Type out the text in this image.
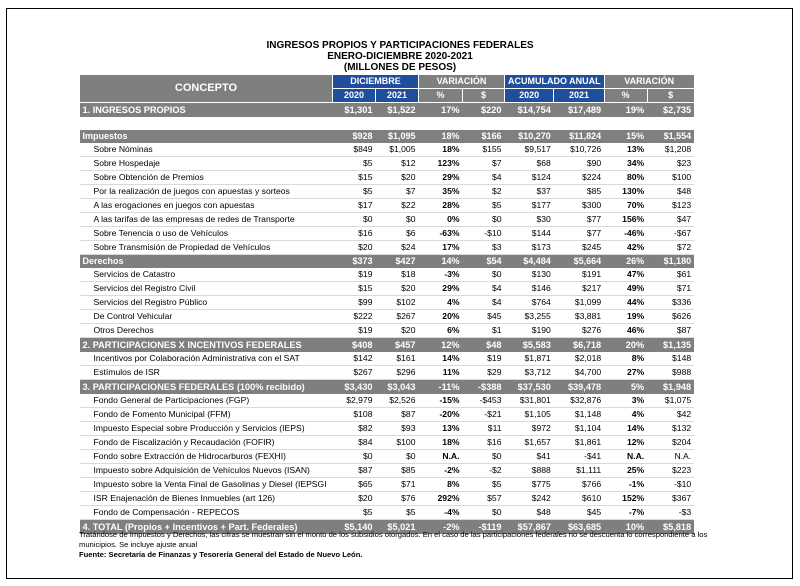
INGRESOS PROPIOS Y PARTICIPACIONES FEDERALES
ENERO-DICIEMBRE 2020-2021
(MILLONES DE PESOS)
CONCEPTO	DICIEMBRE		VARIACIÓN		ACUMULADO ANUAL		VARIACIÓN	
	2020	2021	%	$	2020	2021	%	$
1. INGRESOS PROPIOS	$1,301	$1,522	17%	$220	$14,754	$17,489	19%	$2,735

Impuestos	$928	$1,095	18%	$166	$10,270	$11,824	15%	$1,554
Sobre Nóminas	$849	$1,005	18%	$155	$9,517	$10,726	13%	$1,208
Sobre Hospedaje	$5	$12	123%	$7	$68	$90	34%	$23
Sobre Obtención de Premios	$15	$20	29%	$4	$124	$224	80%	$100
Por la realización de juegos con apuestas y sorteos	$5	$7	35%	$2	$37	$85	130%	$48
A las erogaciones en juegos con apuestas	$17	$22	28%	$5	$177	$300	70%	$123
A las tarifas de las empresas de redes de Transporte	$0	$0	0%	$0	$30	$77	156%	$47
Sobre Tenencia o uso de Vehículos	$16	$6	-63%	-$10	$144	$77	-46%	-$67
Sobre Transmisión de Propiedad de Vehículos	$20	$24	17%	$3	$173	$245	42%	$72
Derechos	$373	$427	14%	$54	$4,484	$5,664	26%	$1,180
Servicios de Catastro	$19	$18	-3%	$0	$130	$191	47%	$61
Servicios del Registro Civil	$15	$20	29%	$4	$146	$217	49%	$71
Servicios del Registro Público	$99	$102	4%	$4	$764	$1,099	44%	$336
De Control Vehicular	$222	$267	20%	$45	$3,255	$3,881	19%	$626
Otros Derechos	$19	$20	6%	$1	$190	$276	46%	$87
2. PARTICIPACIONES X INCENTIVOS FEDERALES	$408	$457	12%	$48	$5,583	$6,718	20%	$1,135
Incentivos por Colaboración Administrativa con el SAT	$142	$161	14%	$19	$1,871	$2,018	8%	$148
Estímulos de ISR	$267	$296	11%	$29	$3,712	$4,700	27%	$988
3. PARTICIPACIONES FEDERALES (100% recibido)	$3,430	$3,043	-11%	-$388	$37,530	$39,478	5%	$1,948
Fondo General de Participaciones (FGP)	$2,979	$2,526	-15%	-$453	$31,801	$32,876	3%	$1,075
Fondo de Fomento Municipal (FFM)	$108	$87	-20%	-$21	$1,105	$1,148	4%	$42
Impuesto Especial sobre Producción y Servicios (IEPS)	$82	$93	13%	$11	$972	$1,104	14%	$132
Fondo de Fiscalización y Recaudación (FOFIR)	$84	$100	18%	$16	$1,657	$1,861	12%	$204
Fondo sobre Extracción de Hidrocarburos (FEXHI)	$0	$0	N.A.	$0	$41	-$41	N.A.	N.A.
Impuesto sobre Adquisición de Vehículos Nuevos (ISAN)	$87	$85	-2%	-$2	$888	$1,111	25%	$223
Impuesto sobre la Venta Final de Gasolinas y Diesel (IEPSGI	$65	$71	8%	$5	$775	$766	-1%	-$10
ISR Enajenación de Bienes Inmuebles (art 126)	$20	$76	292%	$57	$242	$610	152%	$367
Fondo de Compensación - REPECOS	$5	$5	-4%	$0	$48	$45	-7%	-$3
4. TOTAL (Propios + Incentivos + Part. Federales)	$5,140	$5,021	-2%	-$119	$57,867	$63,685	10%	$5,818
Tratándose de Impuestos y Derechos, las cifras se muestran sin el monto de los subsidios otorgados. En el caso de las participaciones federales no se descuenta lo correspondiente a los municipios. Se incluye ajuste anual
Fuente: Secretaría de Finanzas y Tesorería General del Estado de Nuevo León.
